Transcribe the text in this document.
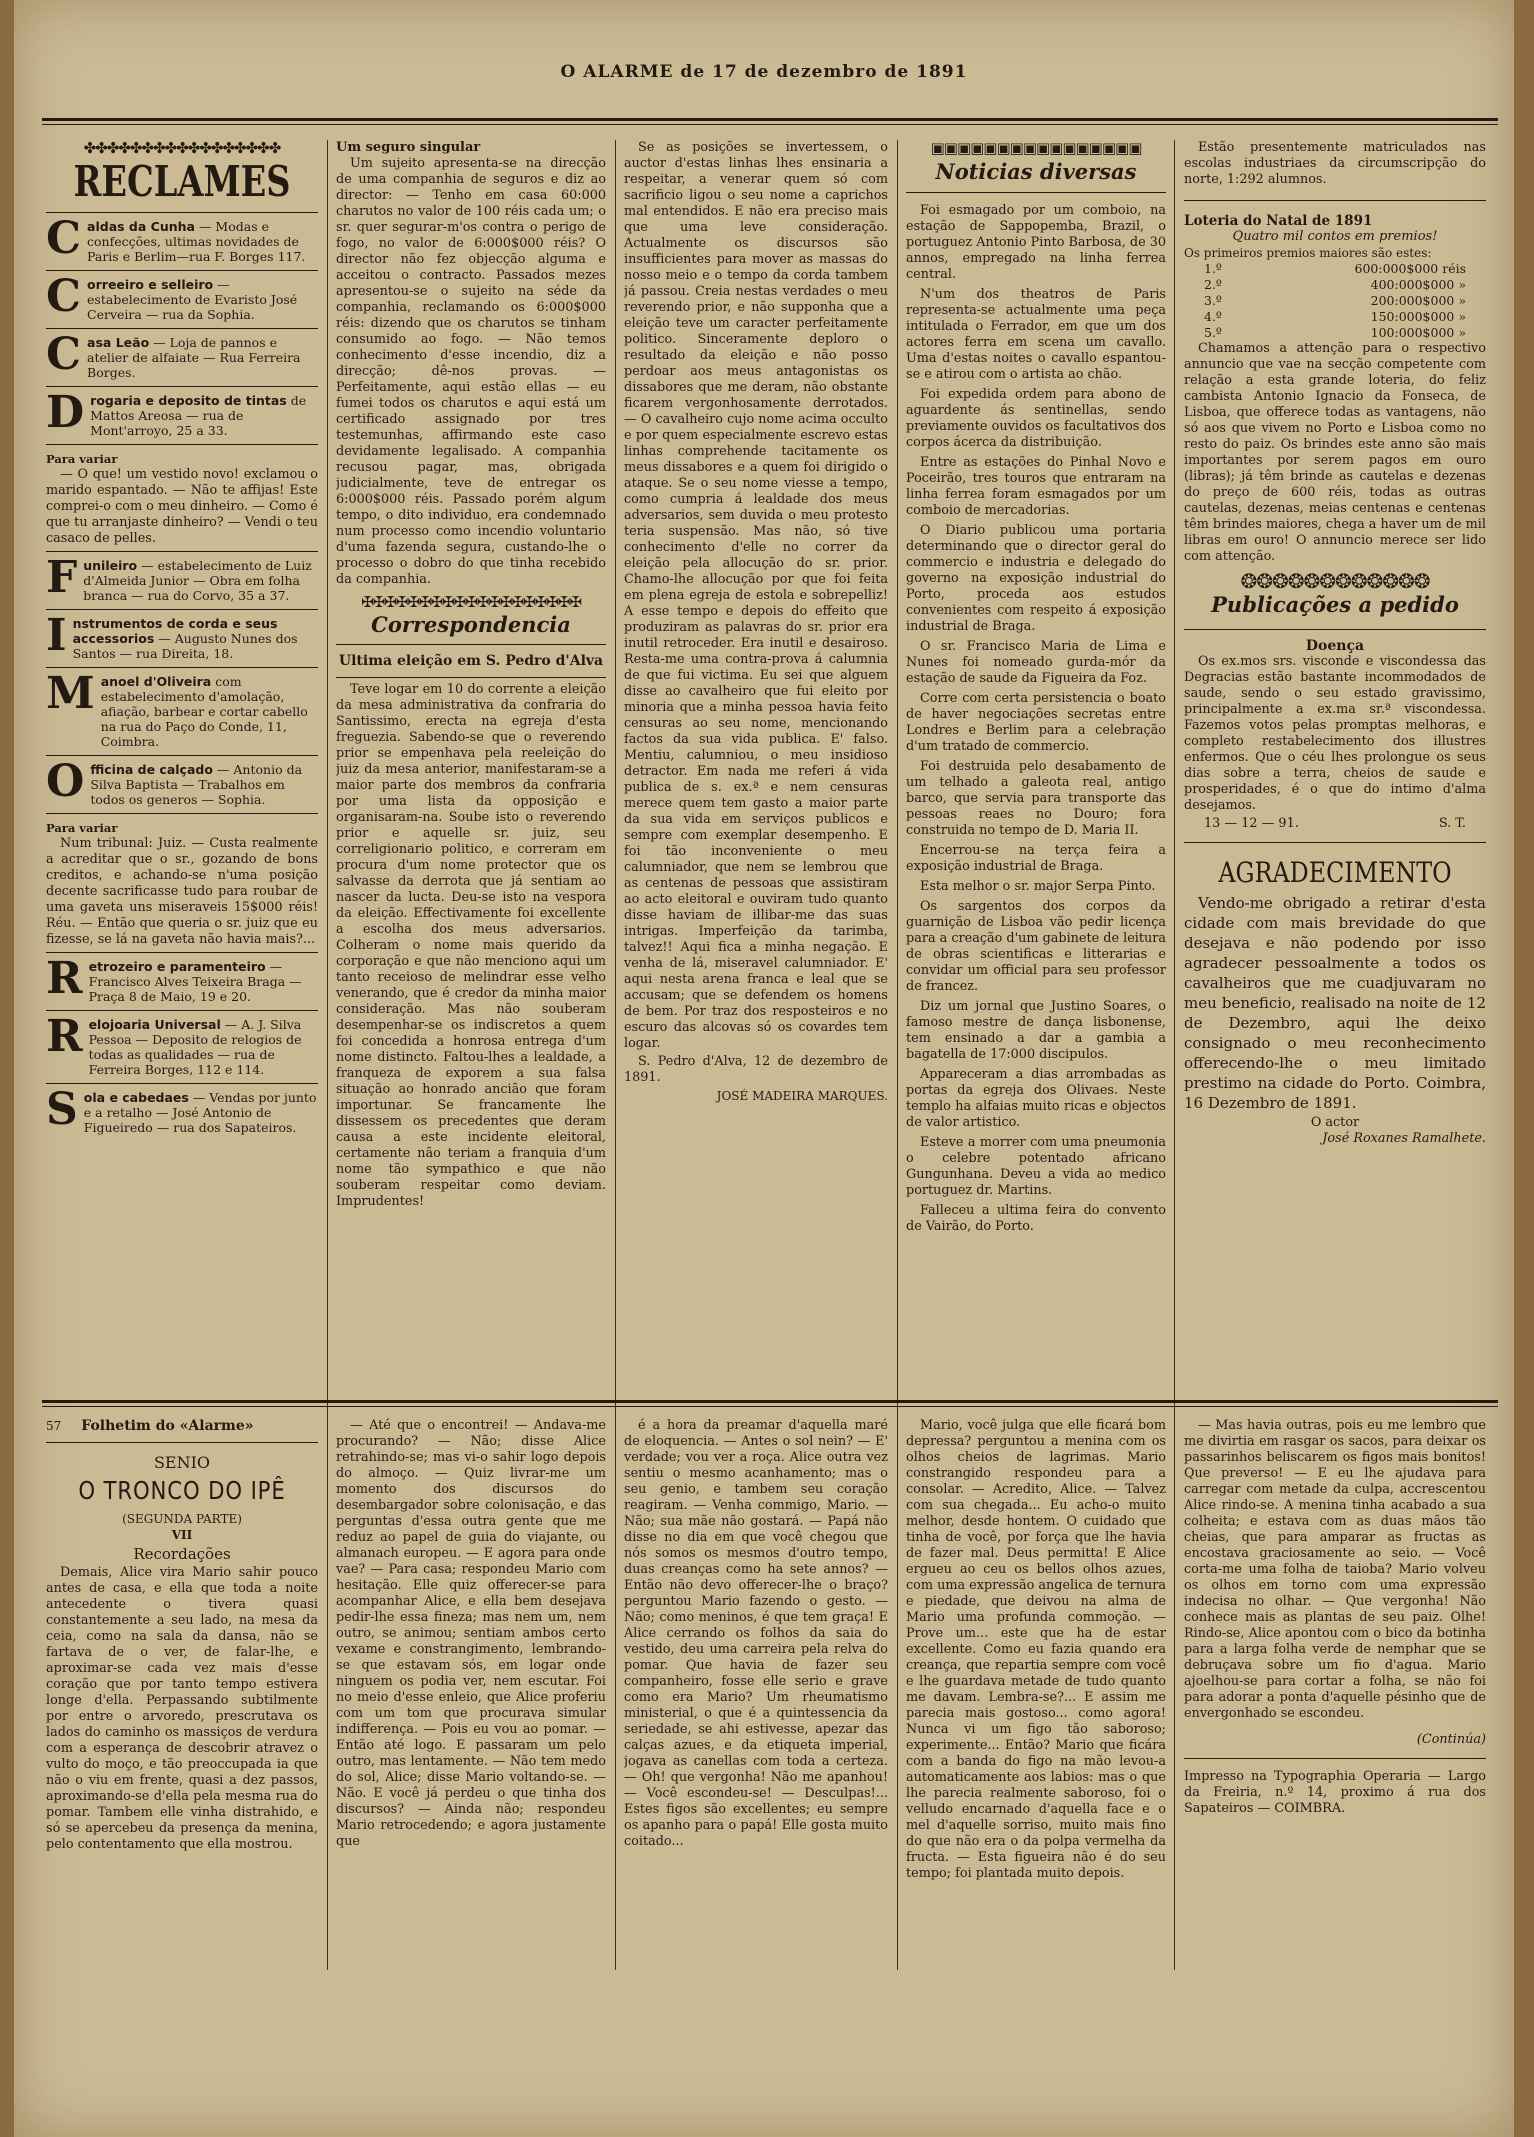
O ALARME de 17 de dezembro de 1891
✤✤✤✤✤✤✤✤✤✤✤✤✤✤✤✤✤
RECLAMES
C aldas da Cunha — Modas e confecções, ultimas novidades de Paris e Berlim—rua F. Borges 117.
C orreeiro e selleiro — estabelecimento de Evaristo José Cerveira — rua da Sophia.
C asa Leão — Loja de pannos e atelier de alfaiate — Rua Ferreira Borges.
D rogaria e deposito de tintas de Mattos Areosa — rua de Mont'arroyo, 25 a 33.
Para variar

— O que! um vestido novo! exclamou o marido espantado. — Não te affijas! Este comprei-o com o meu dinheiro. — Como é que tu arranjaste dinheiro? — Vendi o teu casaco de pelles.

F unileiro — estabelecimento de Luiz d'Almeida Junior — Obra em folha branca — rua do Corvo, 35 a 37.
I nstrumentos de corda e seus accessorios — Augusto Nunes dos Santos — rua Direita, 18.
M anoel d'Oliveira com estabelecimento d'amolação, afiação, barbear e cortar cabello na rua do Paço do Conde, 11, Coimbra.
O fficina de calçado — Antonio da Silva Baptista — Trabalhos em todos os generos — Sophia.
Para variar

Num tribunal: Juiz. — Custa realmente a acreditar que o sr., gozando de bons creditos, e achando-se n'uma posição decente sacrificasse tudo para roubar de uma gaveta uns miseraveis 15$000 réis! Réu. — Então que queria o sr. juiz que eu fizesse, se lá na gaveta não havia mais?...

R etrozeiro e paramenteiro — Francisco Alves Teixeira Braga — Praça 8 de Maio, 19 e 20.
R elojoaria Universal — A. J. Silva Pessoa — Deposito de relogios de todas as qualidades — rua de Ferreira Borges, 112 e 114.
S ola e cabedaes — Vendas por junto e a retalho — José Antonio de Figueiredo — rua dos Sapateiros.
Um seguro singular

Um sujeito apresenta-se na direcção de uma companhia de seguros e diz ao director: — Tenho em casa 60:000 charutos no valor de 100 réis cada um; o sr. quer segurar-m'os contra o perigo de fogo, no valor de 6:000$000 réis? O director não fez objecção alguma e acceitou o contracto. Passados mezes apresentou-se o sujeito na séde da companhia, reclamando os 6:000$000 réis: dizendo que os charutos se tinham consumido ao fogo. — Não temos conhecimento d'esse incendio, diz a direcção; dê-nos provas. — Perfeitamente, aqui estão ellas — eu fumei todos os charutos e aqui está um certificado assignado por tres testemunhas, affirmando este caso devidamente legalisado. A companhia recusou pagar, mas, obrigada judicialmente, teve de entregar os 6:000$000 réis. Passado porém algum tempo, o dito individuo, era condemnado num processo como incendio voluntario d'uma fazenda segura, custando-lhe o processo o dobro do que tinha recebido da companhia.

✠✠✠✠✠✠✠✠✠✠✠✠✠✠✠✠✠✠✠
Correspondencia
Ultima eleição em S. Pedro d'Alva

Teve logar em 10 do corrente a eleição da mesa administrativa da confraria do Santissimo, erecta na egreja d'esta freguezia. Sabendo-se que o reverendo prior se empenhava pela reeleição do juiz da mesa anterior, manifestaram-se a maior parte dos membros da confraria por uma lista da opposição e organisaram-na. Soube isto o reverendo prior e aquelle sr. juiz, seu correligionario politico, e correram em procura d'um nome protector que os salvasse da derrota que já sentiam ao nascer da lucta. Deu-se isto na vespora da eleição. Effectivamente foi excellente a escolha dos meus adversarios. Colheram o nome mais querido da corporação e que não menciono aqui um tanto receioso de melindrar esse velho venerando, que é credor da minha maior consideração. Mas não souberam desempenhar-se os indiscretos a quem foi concedida a honrosa entrega d'um nome distincto. Faltou-lhes a lealdade, a franqueza de exporem a sua falsa situação ao honrado ancião que foram importunar. Se francamente lhe dissessem os precedentes que deram causa a este incidente eleitoral, certamente não teriam a franquia d'um nome tão sympathico e que não souberam respeitar como deviam. Imprudentes!

Se as posições se invertessem, o auctor d'estas linhas lhes ensinaria a respeitar, a venerar quem só com sacrificio ligou o seu nome a caprichos mal entendidos. E não era preciso mais que uma leve consideração. Actualmente os discursos são insufficientes para mover as massas do nosso meio e o tempo da corda tambem já passou. Creia nestas verdades o meu reverendo prior, e não supponha que a eleição teve um caracter perfeitamente politico. Sinceramente deploro o resultado da eleição e não posso perdoar aos meus antagonistas os dissabores que me deram, não obstante ficarem vergonhosamente derrotados. — O cavalheiro cujo nome acima occulto e por quem especialmente escrevo estas linhas comprehende tacitamente os meus dissabores e a quem foi dirigido o ataque. Se o seu nome viesse a tempo, como cumpria á lealdade dos meus adversarios, sem duvida o meu protesto teria suspensão. Mas não, só tive conhecimento d'elle no correr da eleição pela allocução do sr. prior. Chamo-lhe allocução por que foi feita em plena egreja de estola e sobrepelliz! A esse tempo e depois do effeito que produziram as palavras do sr. prior era inutil retroceder. Era inutil e desairoso. Resta-me uma contra-prova á calumnia de que fui victima. Eu sei que alguem disse ao cavalheiro que fui eleito por minoria que a minha pessoa havia feito censuras ao seu nome, mencionando factos da sua vida publica. E' falso. Mentiu, calumniou, o meu insidioso detractor. Em nada me referi á vida publica de s. ex.ª e nem censuras merece quem tem gasto a maior parte da sua vida em serviços publicos e sempre com exemplar desempenho. E foi tão inconveniente o meu calumniador, que nem se lembrou que as centenas de pessoas que assistiram ao acto eleitoral e ouviram tudo quanto disse haviam de illibar-me das suas intrigas. Imperfeição da tarimba, talvez!! Aqui fica a minha negação. E venha de lá, miseravel calumniador. E' aqui nesta arena franca e leal que se accusam; que se defendem os homens de bem. Por traz dos resposteiros e no escuro das alcovas só os covardes tem logar.

S. Pedro d'Alva, 12 de dezembro de 1891.

JOSÉ MADEIRA MARQUES.
▣▣▣▣▣▣▣▣▣▣▣▣▣▣▣▣
Noticias diversas

Foi esmagado por um comboio, na estação de Sappopemba, Brazil, o portuguez Antonio Pinto Barbosa, de 30 annos, empregado na linha ferrea central.

N'um dos theatros de Paris representa-se actualmente uma peça intitulada o Ferrador, em que um dos actores ferra em scena um cavallo. Uma d'estas noites o cavallo espantou-se e atirou com o artista ao chão.

Foi expedida ordem para abono de aguardente ás sentinellas, sendo previamente ouvidos os facultativos dos corpos ácerca da distribuição.

Entre as estações do Pinhal Novo e Poceirão, tres touros que entraram na linha ferrea foram esmagados por um comboio de mercadorias.

O Diario publicou uma portaria determinando que o director geral do commercio e industria e delegado do governo na exposição industrial do Porto, proceda aos estudos convenientes com respeito á exposição industrial de Braga.

O sr. Francisco Maria de Lima e Nunes foi nomeado gurda-mór da estação de saude da Figueira da Foz.

Corre com certa persistencia o boato de haver negociações secretas entre Londres e Berlim para a celebração d'um tratado de commercio.

Foi destruida pelo desabamento de um telhado a galeota real, antigo barco, que servia para transporte das pessoas reaes no Douro; fora construida no tempo de D. Maria II.

Encerrou-se na terça feira a exposição industrial de Braga.

Esta melhor o sr. major Serpa Pinto.

Os sargentos dos corpos da guarnição de Lisboa vão pedir licença para a creação d'um gabinete de leitura de obras scientificas e litterarias e convidar um official para seu professor de francez.

Diz um jornal que Justino Soares, o famoso mestre de dança lisbonense, tem ensinado a dar a gambia a bagatella de 17:000 discipulos.

Appareceram a dias arrombadas as portas da egreja dos Olivaes. Neste templo ha alfaias muito ricas e objectos de valor artistico.

Esteve a morrer com uma pneumonia o celebre potentado africano Gungunhana. Deveu a vida ao medico portuguez dr. Martins.

Falleceu a ultima feira do convento de Vairão, do Porto.

Estão presentemente matriculados nas escolas industriaes da circumscripção do norte, 1:292 alumnos.

Loteria do Natal de 1891
Quatro mil contos em premios!
Os primeiros premios maiores são estes:
1.º	600:000$000 réis
2.º	400:000$000 »
3.º	200:000$000 »
4.º	150:000$000 »
5.º	100:000$000 »

Chamamos a attenção para o respectivo annuncio que vae na secção competente com relação a esta grande loteria, do feliz cambista Antonio Ignacio da Fonseca, de Lisboa, que offerece todas as vantagens, não só aos que vivem no Porto e Lisboa como no resto do paiz. Os brindes este anno são mais importantes por serem pagos em ouro (libras); já têm brinde as cautelas e dezenas do preço de 600 réis, todas as outras cautelas, dezenas, meias centenas e centenas têm brindes maiores, chega a haver um de mil libras em ouro! O annuncio merece ser lido com attenção.

❂❂❂❂❂❂❂❂❂❂❂❂
Publicações a pedido
Doença

Os ex.mos srs. visconde e viscondessa das Degracias estão bastante incommodados de saude, sendo o seu estado gravissimo, principalmente a ex.ma sr.ª viscondessa. Fazemos votos pelas promptas melhoras, e completo restabelecimento dos illustres enfermos. Que o céu lhes prolongue os seus dias sobre a terra, cheios de saude e prosperidades, é o que do intimo d'alma desejamos.

13 — 12 — 91.	S. T.
AGRADECIMENTO

Vendo-me obrigado a retirar d'esta cidade com mais brevidade do que desejava e não podendo por isso agradecer pessoalmente a todos os cavalheiros que me cuadjuvaram no meu beneficio, realisado na noite de 12 de Dezembro, aqui lhe deixo consignado o meu reconhecimento offerecendo-lhe o meu limitado prestimo na cidade do Porto. Coimbra, 16 Dezembro de 1891.

O actor
José Roxanes Ramalhete.
57 Folhetim do «Alarme»
SENIO
O TRONCO DO IPÊ
(SEGUNDA PARTE)
VII
Recordações

Demais, Alice vira Mario sahir pouco antes de casa, e ella que toda a noite antecedente o tivera quasi constantemente a seu lado, na mesa da ceia, como na sala da dansa, não se fartava de o ver, de falar-lhe, e aproximar-se cada vez mais d'esse coração que por tanto tempo estivera longe d'ella. Perpassando subtilmente por entre o arvoredo, prescrutava os lados do caminho os massiços de verdura com a esperança de descobrir atravez o vulto do moço, e tão preoccupada ia que não o viu em frente, quasi a dez passos, aproximando-se d'ella pela mesma rua do pomar. Tambem elle vinha distrahido, e só se apercebeu da presença da menina, pelo contentamento que ella mostrou.

— Até que o encontrei! — Andava-me procurando? — Não; disse Alice retrahindo-se; mas vi-o sahir logo depois do almoço. — Quiz livrar-me um momento dos discursos do desembargador sobre colonisação, e das perguntas d'essa outra gente que me reduz ao papel de guia do viajante, ou almanach europeu. — E agora para onde vae? — Para casa; respondeu Mario com hesitação. Elle quiz offerecer-se para acompanhar Alice, e ella bem desejava pedir-lhe essa fineza; mas nem um, nem outro, se animou; sentiam ambos certo vexame e constrangimento, lembrando-se que estavam sós, em logar onde ninguem os podia ver, nem escutar. Foi no meio d'esse enleio, que Alice proferiu com um tom que procurava simular indifferença. — Pois eu vou ao pomar. — Então até logo. E passaram um pelo outro, mas lentamente. — Não tem medo do sol, Alice; disse Mario voltando-se. — Não. E você já perdeu o que tinha dos discursos? — Ainda não; respondeu Mario retrocedendo; e agora justamente que

é a hora da preamar d'aquella maré de eloquencia. — Antes o sol nein? — E' verdade; vou ver a roça. Alice outra vez sentiu o mesmo acanhamento; mas o seu genio, e tambem seu coração reagiram. — Venha commigo, Mario. — Não; sua mãe não gostará. — Papá não disse no dia em que você chegou que nós somos os mesmos d'outro tempo, duas creanças como ha sete annos? — Então não devo offerecer-lhe o braço? perguntou Mario fazendo o gesto. — Não; como meninos, é que tem graça! E Alice cerrando os folhos da saia do vestido, deu uma carreira pela relva do pomar. Que havia de fazer seu companheiro, fosse elle serio e grave como era Mario? Um rheumatismo ministerial, o que é a quintessencia da seriedade, se ahi estivesse, apezar das calças azues, e da etiqueta imperial, jogava as canellas com toda a certeza. — Oh! que vergonha! Não me apanhou! — Você escondeu-se! — Desculpas!... Estes figos são excellentes; eu sempre os apanho para o papá! Elle gosta muito coitado...

Mario, você julga que elle ficará bom depressa? perguntou a menina com os olhos cheios de lagrimas. Mario constrangido respondeu para a consolar. — Acredito, Alice. — Talvez com sua chegada... Eu acho-o muito melhor, desde hontem. O cuidado que tinha de você, por força que lhe havia de fazer mal. Deus permitta! E Alice ergueu ao ceu os bellos olhos azues, com uma expressão angelica de ternura e piedade, que deivou na alma de Mario uma profunda commoção. — Prove um... este que ha de estar excellente. Como eu fazia quando era creança, que repartia sempre com você e lhe guardava metade de tudo quanto me davam. Lembra-se?... E assim me parecia mais gostoso... como agora! Nunca vi um figo tão saboroso; experimente... Então? Mario que ficára com a banda do figo na mão levou-a automaticamente aos labios: mas o que lhe parecia realmente saboroso, foi o velludo encarnado d'aquella face e o mel d'aquelle sorriso, muito mais fino do que não era o da polpa vermelha da fructa. — Esta figueira não é do seu tempo; foi plantada muito depois.

— Mas havia outras, pois eu me lembro que me divirtia em rasgar os sacos, para deixar os passarinhos beliscarem os figos mais bonitos! Que preverso! — E eu lhe ajudava para carregar com metade da culpa, accrescentou Alice rindo-se. A menina tinha acabado a sua colheita; e estava com as duas mãos tão cheias, que para amparar as fructas as encostava graciosamente ao seio. — Você corta-me uma folha de taioba? Mario volveu os olhos em torno com uma expressão indecisa no olhar. — Que vergonha! Não conhece mais as plantas de seu paiz. Olhe! Rindo-se, Alice apontou com o bico da botinha para a larga folha verde de nemphar que se debruçava sobre um fio d'agua. Mario ajoelhou-se para cortar a folha, se não foi para adorar a ponta d'aquelle pésinho que de envergonhado se escondeu.

(Continúa)

Impresso na Typographia Operaria — Largo da Freiria, n.º 14, proximo á rua dos Sapateiros — COIMBRA.
